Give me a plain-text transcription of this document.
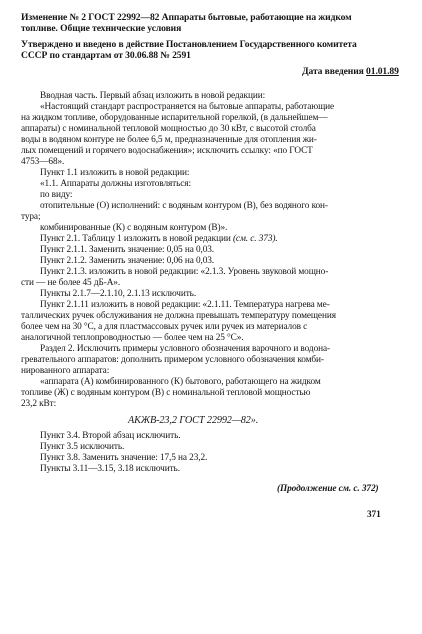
Изменение № 2 ГОСТ 22992—82 Аппараты бытовые, работающие на жидком
топливе. Общие технические условия
Утверждено и введено в действие Постановлением Государственного комитета
СССР по стандартам от 30.06.88 № 2591
Дата введения 01.01.89
Вводная часть. Первый абзац изложить в новой редакции:
«Настоящий стандарт распространяется на бытовые аппараты, работающие
на жидком топливе, оборудованные испарительной горелкой, (в дальнейшем—
аппараты) с номинальной тепловой мощностью до 30 кВт, с высотой столба
воды в водяном контуре не более 6,5 м, предназначенные для отопления жи-
лых помещений и горячего водоснабжения»; исключить ссылку: «по ГОСТ
4753—68».
Пункт 1.1 изложить в новой редакции:
«1.1. Аппараты должны изготовляться:
по виду:
отопительные (О) исполнений: с водяным контуром (В), без водяного кон-
тура;
комбинированные (К) с водяным контуром (В)».
Пункт 2.1. Таблицу 1 изложить в новой редакции (см. с. 373).
Пункт 2.1.1. Заменить значение: 0,05 на 0,03.
Пункт 2.1.2. Заменить значение: 0,06 на 0,03.
Пункт 2.1.3. изложить в новой редакции: «2.1.3. Уровень звуковой мощно-
сти — не более 45 дБ-А».
Пункты 2.1.7—2.1.10, 2.1.13 исключить.
Пункт 2.1.11 изложить в новой редакции: «2.1.11. Температура нагрева ме-
таллических ручек обслуживания не должна превышать температуру помещения
более чем на 30 °С, а для пластмассовых ручек или ручек из материалов с
аналогичной теплопроводностью — более чем на 25 °С».
Раздел 2. Исключить примеры условного обозначения варочного и водона-
гревательного аппаратов: дополнить примером условного обозначения комби-
нированного аппарата:
«аппарата (А) комбинированного (К) бытового, работающего на жидком
топливе (Ж) с водяным контуром (В) с номинальной тепловой мощностью
23,2 кВт:
АКЖВ-23,2 ГОСТ 22992—82».
Пункт 3.4. Второй абзац исключить.
Пункт 3.5 исключить.
Пункт 3.8. Заменить значение: 17,5 на 23,2.
Пункты 3.11—3.15, 3.18 исключить.
(Продолжение см. с. 372)
371
